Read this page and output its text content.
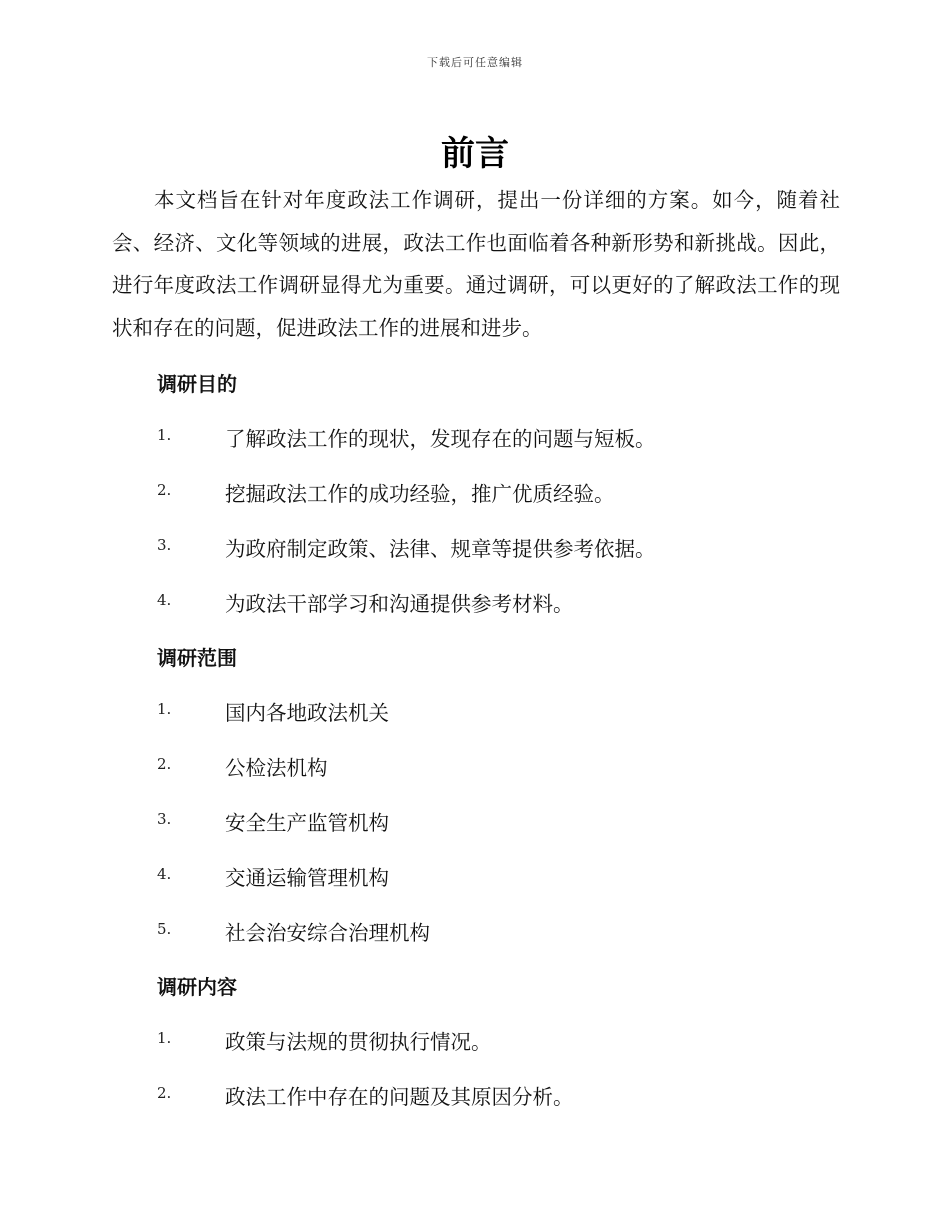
下载后可任意编辑
前言

本文档旨在针对年度政法工作调研，提出一份详细的方案。如今，随着社会、经济、文化等领域的进展，政法工作也面临着各种新形势和新挑战。因此，进行年度政法工作调研显得尤为重要。通过调研，可以更好的了解政法工作的现状和存在的问题，促进政法工作的进展和进步。

调研目的
1.	了解政法工作的现状，发现存在的问题与短板。
2.	挖掘政法工作的成功经验，推广优质经验。
3.	为政府制定政策、法律、规章等提供参考依据。
4.	为政法干部学习和沟通提供参考材料。
调研范围
1.	国内各地政法机关
2.	公检法机构
3.	安全生产监管机构
4.	交通运输管理机构
5.	社会治安综合治理机构
调研内容
1.	政策与法规的贯彻执行情况。
2.	政法工作中存在的问题及其原因分析。
